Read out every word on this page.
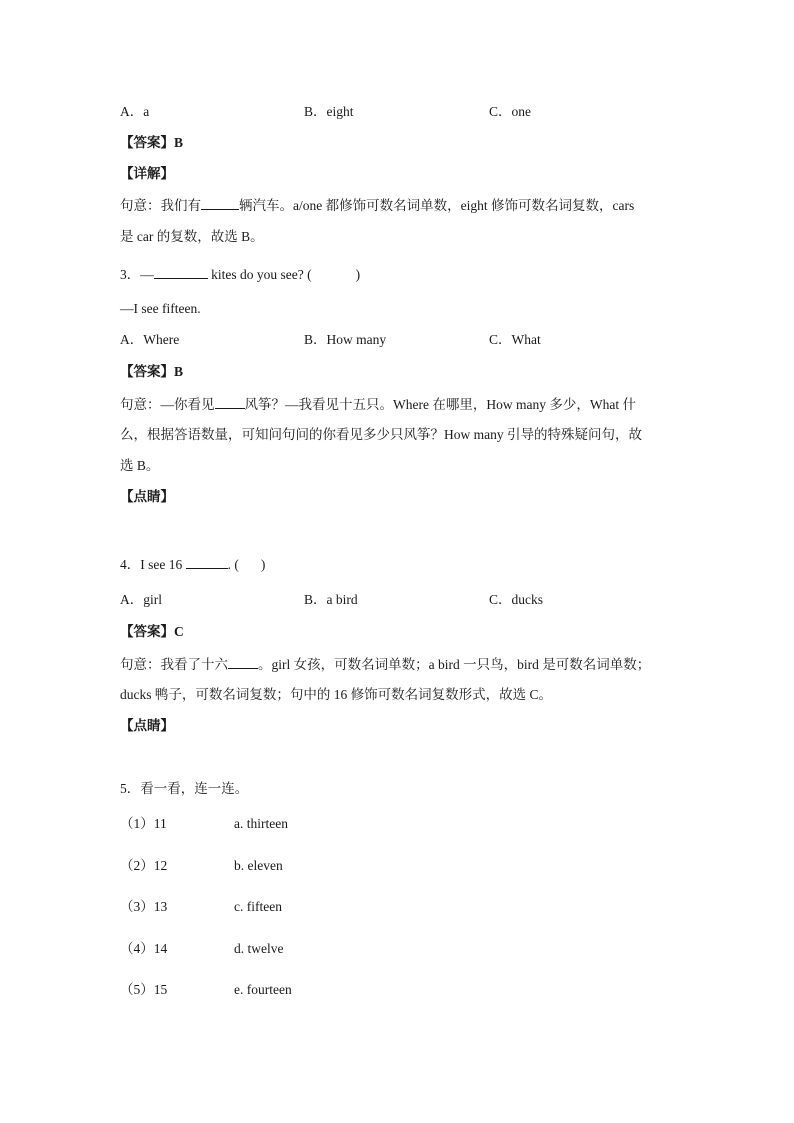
A．a	B．eight	C．one
【答案】B
【详解】
句意：我们有	辆汽车。a/one 都修饰可数名词单数，eight 修饰可数名词复数，cars
是 car 的复数，故选 B。
3．—	kites do you see? (	)
—I see fifteen.
A．Where	B．How many	C．What
【答案】B
句意：—你看见 风筝？—我看见十五只。Where 在哪里，How many 多少，What 什
么，根据答语数量，可知问句问的你看见多少只风筝？How many 引导的特殊疑问句，故
选 B。
【点睛】
4．I see 16	. ( )
A．girl	B．a bird	C．ducks
【答案】C
句意：我看了十六 。girl 女孩，可数名词单数；a bird 一只鸟，bird 是可数名词单数；
ducks 鸭子，可数名词复数；句中的 16 修饰可数名词复数形式，故选 C。
【点睛】
5．看一看，连一连。
（1）11	a. thirteen
（2）12	b. eleven
（3）13	c. fifteen
（4）14	d. twelve
（5）15	e. fourteen
